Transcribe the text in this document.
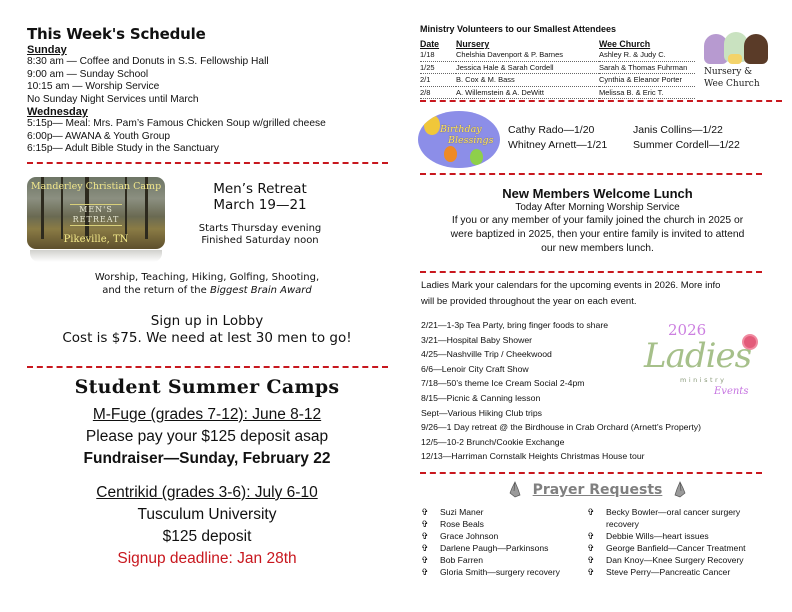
This Week's Schedule
Sunday
8:30 am — Coffee and Donuts in S.S. Fellowship Hall
9:00 am — Sunday School
10:15 am — Worship Service
No Sunday Night Services until March
Wednesday
5:15p— Meal: Mrs. Pam’s Famous Chicken Soup w/grilled cheese
6:00p— AWANA & Youth Group
6:15p— Adult Bible Study in the Sanctuary
Manderley Christian Camp
MEN'S
RETREAT
Pikeville, TN
Men’s Retreat
March 19—21
Starts Thursday evening
Finished Saturday noon
Worship, Teaching, Hiking, Golfing, Shooting,
and the return of the Biggest Brain Award
Sign up in Lobby
Cost is $75. We need at lest 30 men to go!
Student Summer Camps
M-Fuge (grades 7-12): June 8-12
Please pay your $125 deposit asap
Fundraiser—Sunday, February 22
Centrikid (grades 3-6): July 6-10
Tusculum University
$125 deposit
Signup deadline: Jan 28th
Ministry Volunteers to our Smallest Attendees
Date	Nursery	Wee Church
1/18	Chelshia Davenport & P. Barnes	Ashley R. & Judy C.
1/25	Jessica Hale & Sarah Cordell	Sarah & Thomas Fuhrman
2/1	B. Cox & M. Bass	Cynthia & Eleanor Porter
2/8	A. Willemstein & A. DeWitt	Melissa B. & Eric T.
Nursery &
Wee Church
Birthday
Blessings
Cathy Rado—1/20
Whitney Arnett—1/21
Janis Collins—1/22
Summer Cordell—1/22
New Members Welcome Lunch
Today After Morning Worship Service
If you or any member of your family joined the church in 2025 or
were baptized in 2025, then your entire family is invited to attend
our new members lunch.
Ladies Mark your calendars for the upcoming events in 2026. More info
will be provided throughout the year on each event.
2/21—1-3p Tea Party, bring finger foods to share
3/21—Hospital Baby Shower
4/25—Nashville Trip / Cheekwood
6/6—Lenoir City Craft Show
7/18—50’s theme Ice Cream Social 2-4pm
8/15—Picnic & Canning lesson
Sept—Various Hiking Club trips
9/26—1 Day retreat @ the Birdhouse in Crab Orchard (Arnett’s Property)
12/5—10-2 Brunch/Cookie Exchange
12/13—Harriman Cornstalk Heights Christmas House tour
2026
Ladies
ministry
Events
Prayer Requests
✞	Suzi Maner
✞	Rose Beals
✞	Grace Johnson
✞	Darlene Paugh—Parkinsons
✞	Bob Farren
✞	Gloria Smith—surgery recovery
✞	Becky Bowler—oral cancer surgery recovery
✞	Debbie Wills—heart issues
✞	George Banfield—Cancer Treatment
✞	Dan Knoy—Knee Surgery Recovery
✞	Steve Perry—Pancreatic Cancer
